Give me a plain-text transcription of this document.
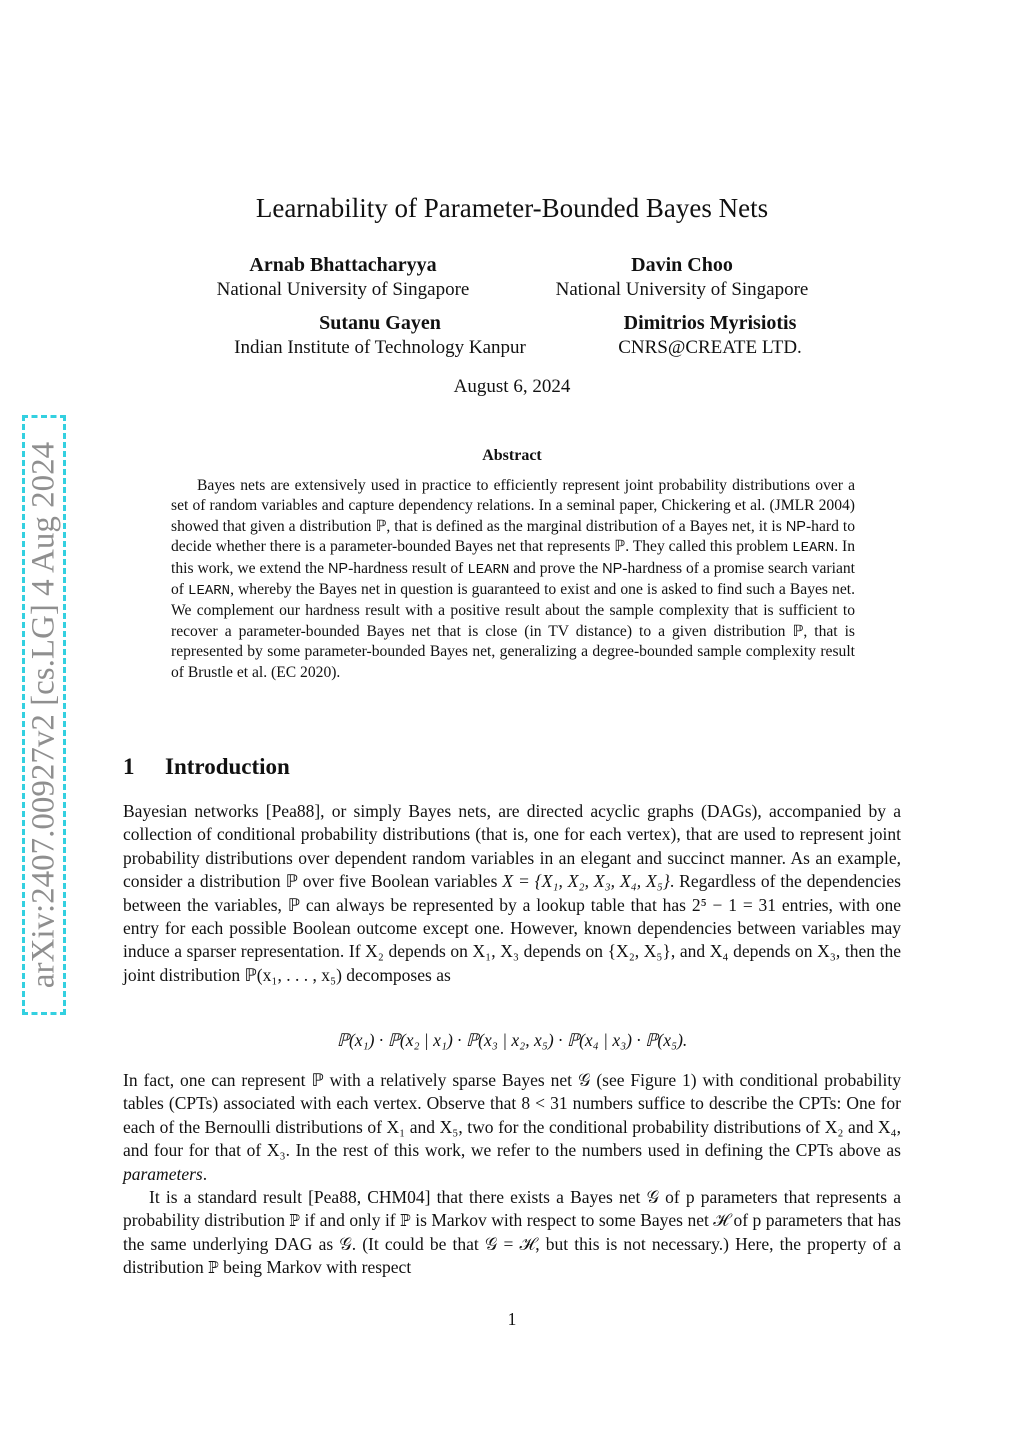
arXiv:2407.00927v2 [cs.LG] 4 Aug 2024
Learnability of Parameter-Bounded Bayes Nets
Arnab Bhattacharyya
National University of Singapore
Davin Choo
National University of Singapore
Sutanu Gayen
Indian Institute of Technology Kanpur
Dimitrios Myrisiotis
CNRS@CREATE LTD.
August 6, 2024
Abstract

Bayes nets are extensively used in practice to efficiently represent joint probability distributions over a set of random variables and capture dependency relations. In a seminal paper, Chickering et al. (JMLR 2004) showed that given a distribution ℙ, that is defined as the marginal distribution of a Bayes net, it is NP-hard to decide whether there is a parameter-bounded Bayes net that represents ℙ. They called this problem LEARN. In this work, we extend the NP-hardness result of LEARN and prove the NP-hardness of a promise search variant of LEARN, whereby the Bayes net in question is guaranteed to exist and one is asked to find such a Bayes net. We complement our hardness result with a positive result about the sample complexity that is sufficient to recover a parameter-bounded Bayes net that is close (in TV distance) to a given distribution ℙ, that is represented by some parameter-bounded Bayes net, generalizing a degree-bounded sample complexity result of Brustle et al. (EC 2020).

1 Introduction

Bayesian networks [Pea88], or simply Bayes nets, are directed acyclic graphs (DAGs), accompanied by a collection of conditional probability distributions (that is, one for each vertex), that are used to represent joint probability distributions over dependent random variables in an elegant and succinct manner. As an example, consider a distribution ℙ over five Boolean variables X = {X₁, X₂, X₃, X₄, X₅}. Regardless of the dependencies between the variables, ℙ can always be represented by a lookup table that has 2⁵ − 1 = 31 entries, with one entry for each possible Boolean outcome except one. However, known dependencies between variables may induce a sparser representation. If X₂ depends on X₁, X₃ depends on {X₂, X₅}, and X₄ depends on X₃, then the joint distribution ℙ(x₁, . . . , x₅) decomposes as

ℙ(x₁) · ℙ(x₂ | x₁) · ℙ(x₃ | x₂, x₅) · ℙ(x₄ | x₃) · ℙ(x₅).

In fact, one can represent ℙ with a relatively sparse Bayes net 𝒢 (see Figure 1) with conditional probability tables (CPTs) associated with each vertex. Observe that 8 < 31 numbers suffice to describe the CPTs: One for each of the Bernoulli distributions of X₁ and X₅, two for the conditional probability distributions of X₂ and X₄, and four for that of X₃. In the rest of this work, we refer to the numbers used in defining the CPTs above as parameters.

It is a standard result [Pea88, CHM04] that there exists a Bayes net 𝒢 of p parameters that represents a probability distribution ℙ if and only if ℙ is Markov with respect to some Bayes net ℋ of p parameters that has the same underlying DAG as 𝒢. (It could be that 𝒢 = ℋ, but this is not necessary.) Here, the property of a distribution ℙ being Markov with respect

1
